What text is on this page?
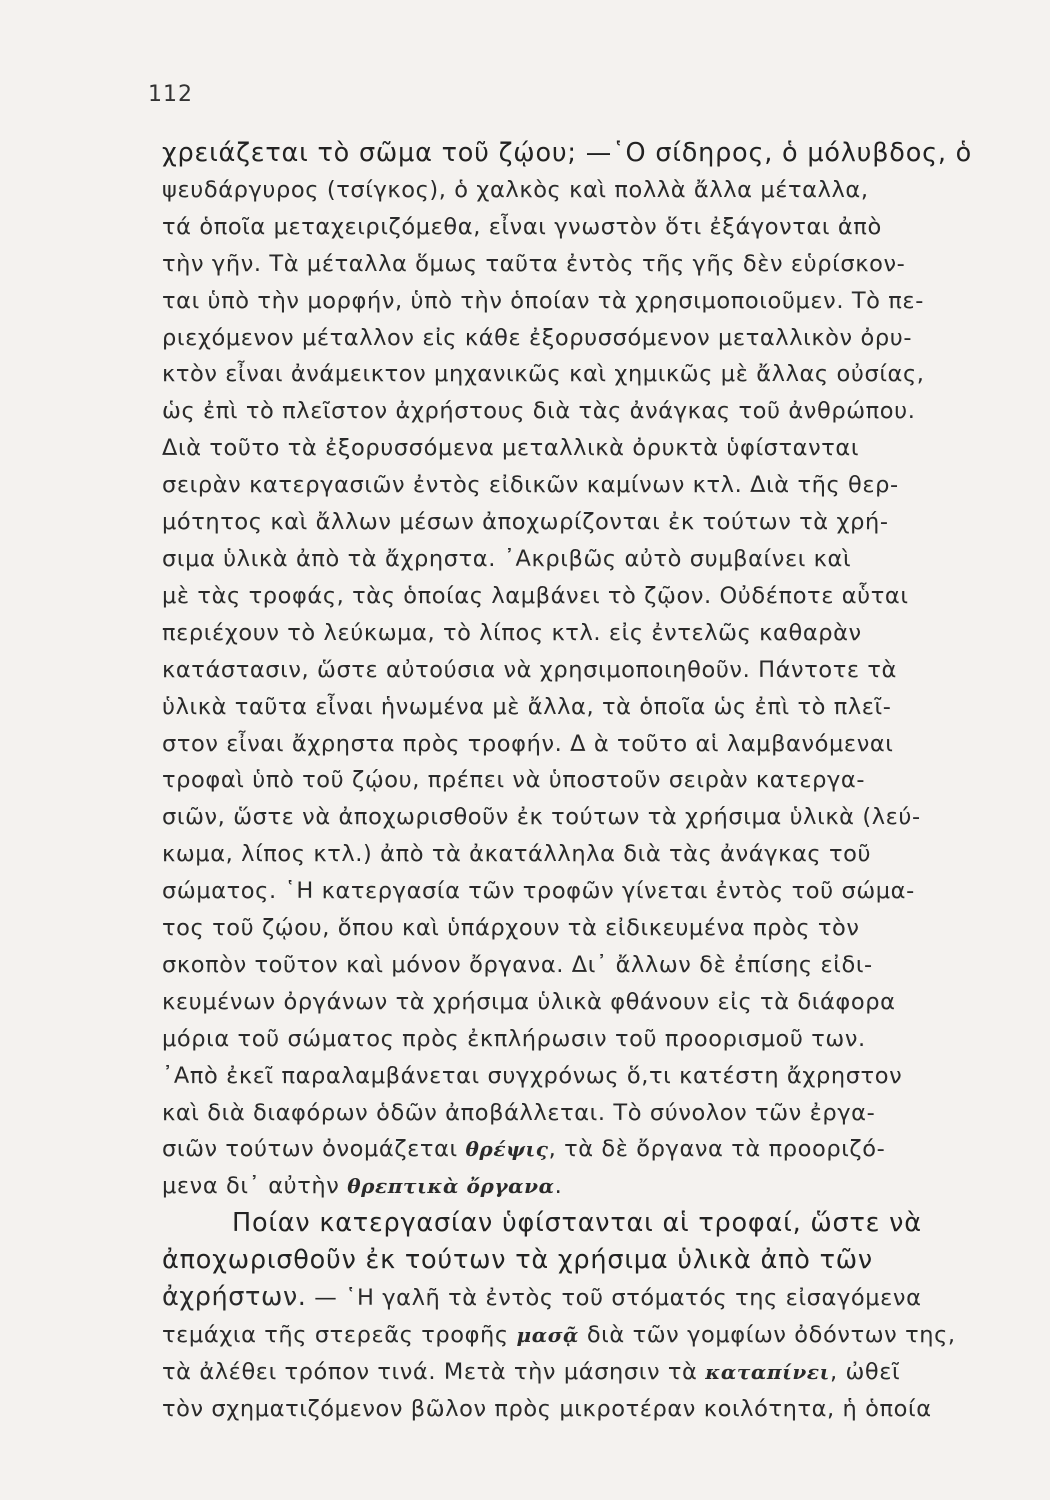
112
χρειάζεται τὸ σῶμα τοῦ ζῴου; —῾Ο σίδηρος, ὁ μόλυβδος, ὁ
ψευδάργυρος (τσίγκος), ὁ χαλκὸς καὶ πολλὰ ἄλλα μέταλλα,
τά ὁποῖα μεταχειριζόμεθα, εἶναι γνωστὸν ὅτι ἐξάγονται ἀπὸ
τὴν γῆν. Τὰ μέταλλα ὅμως ταῦτα ἐντὸς τῆς γῆς δὲν εὑρίσκον-
ται ὑπὸ τὴν μορφήν, ὑπὸ τὴν ὁποίαν τὰ χρησιμοποιοῦμεν. Τὸ πε-
ριεχόμενον μέταλλον εἰς κάθε ἐξορυσσόμενον μεταλλικὸν ὀρυ-
κτὸν εἶναι ἀνάμεικτον μηχανικῶς καὶ χημικῶς μὲ ἄλλας οὐσίας,
ὡς ἐπὶ τὸ πλεῖστον ἀχρήστους διὰ τὰς ἀνάγκας τοῦ ἀνθρώπου.
Διὰ τοῦτο τὰ ἐξορυσσόμενα μεταλλικὰ ὀρυκτὰ ὑφίστανται
σειρὰν κατεργασιῶν ἐντὸς εἰδικῶν καμίνων κτλ. Διὰ τῆς θερ-
μότητος καὶ ἄλλων μέσων ἀποχωρίζονται ἐκ τούτων τὰ χρή-
σιμα ὑλικὰ ἀπὸ τὰ ἄχρηστα. ᾿Ακριβῶς αὐτὸ συμβαίνει καὶ
μὲ τὰς τροφάς, τὰς ὁποίας λαμβάνει τὸ ζῷον. Οὐδέποτε αὗται
περιέχουν τὸ λεύκωμα, τὸ λίπος κτλ. εἰς ἐντελῶς καθαρὰν
κατάστασιν, ὥστε αὐτούσια νὰ χρησιμοποιηθοῦν. Πάντοτε τὰ
ὑλικὰ ταῦτα εἶναι ἡνωμένα μὲ ἄλλα, τὰ ὁποῖα ὡς ἐπὶ τὸ πλεῖ-
στον εἶναι ἄχρηστα πρὸς τροφήν. Δ ὰ τοῦτο αἱ λαμβανόμεναι
τροφαὶ ὑπὸ τοῦ ζῴου, πρέπει νὰ ὑποστοῦν σειρὰν κατεργα-
σιῶν, ὥστε νὰ ἀποχωρισθοῦν ἐκ τούτων τὰ χρήσιμα ὑλικὰ (λεύ-
κωμα, λίπος κτλ.) ἀπὸ τὰ ἀκατάλληλα διὰ τὰς ἀνάγκας τοῦ
σώματος. ῾Η κατεργασία τῶν τροφῶν γίνεται ἐντὸς τοῦ σώμα-
τος τοῦ ζῴου, ὅπου καὶ ὑπάρχουν τὰ εἰδικευμένα πρὸς τὸν
σκοπὸν τοῦτον καὶ μόνον ὄργανα. Δι᾿ ἄλλων δὲ ἐπίσης εἰδι-
κευμένων ὀργάνων τὰ χρήσιμα ὑλικὰ φθάνουν εἰς τὰ διάφορα
μόρια τοῦ σώματος πρὸς ἐκπλήρωσιν τοῦ προορισμοῦ των.
᾿Απὸ ἐκεῖ παραλαμβάνεται συγχρόνως ὅ,τι κατέστη ἄχρηστον
καὶ διὰ διαφόρων ὁδῶν ἀποβάλλεται. Τὸ σύνολον τῶν ἐργα-
σιῶν τούτων ὀνομάζεται θρέψις, τὰ δὲ ὄργανα τὰ προοριζό-
μενα δι᾿ αὐτὴν θρεπτικὰ ὄργανα.
Ποίαν κατεργασίαν ὑφίστανται αἱ τροφαί, ὥστε νὰ
ἀποχωρισθοῦν ἐκ τούτων τὰ χρήσιμα ὑλικὰ ἀπὸ τῶν
ἀχρήστων. — ῾Η γαλῆ τὰ ἐντὸς τοῦ στόματός της εἰσαγόμενα
τεμάχια τῆς στερεᾶς τροφῆς μασᾷ διὰ τῶν γομφίων ὀδόντων της,
τὰ ἀλέθει τρόπον τινά. Μετὰ τὴν μάσησιν τὰ καταπίνει, ὠθεῖ
τὸν σχηματιζόμενον βῶλον πρὸς μικροτέραν κοιλότητα, ἡ ὁποία
